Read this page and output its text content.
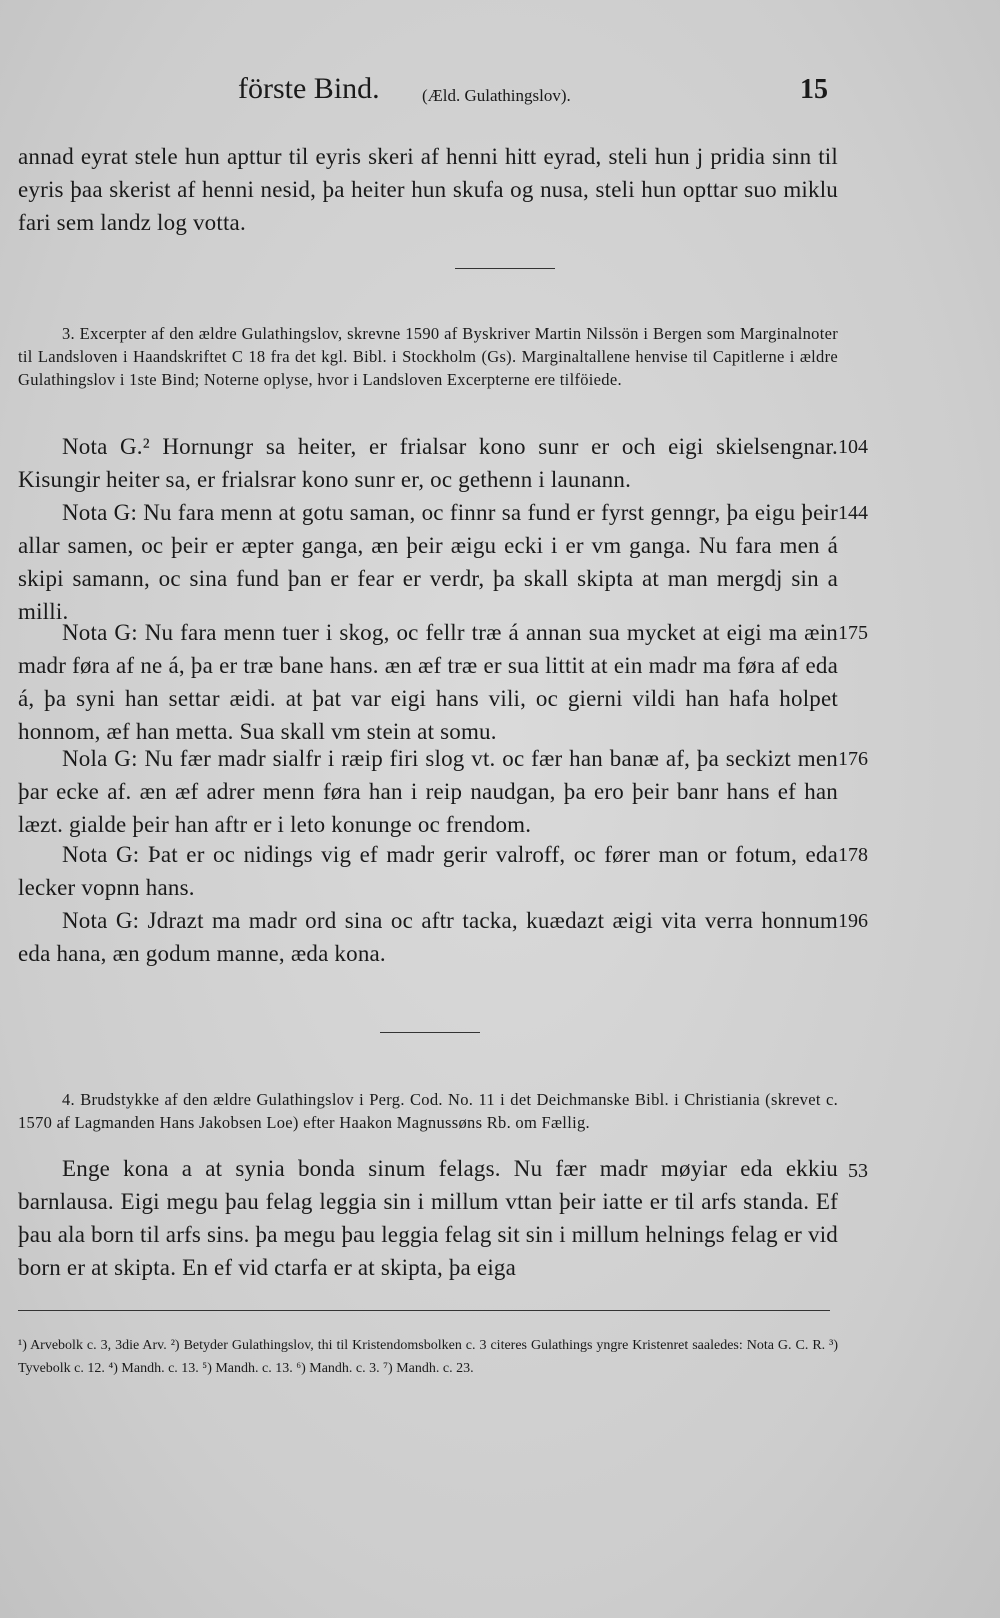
förste Bind. (Æld. Gulathingslov).	15

annad eyrat stele hun apttur til eyris skeri af henni hitt eyrad, steli hun j pridia sinn til eyris þaa skerist af henni nesid, þa heiter hun skufa og nusa, steli hun opttar suo miklu fari sem landz log votta.

3. Excerpter af den ældre Gulathingslov, skrevne 1590 af Byskriver Martin Nilssön i Bergen som Marginalnoter til Landsloven i Haandskriftet C 18 fra det kgl. Bibl. i Stockholm (Gs). Marginaltallene henvise til Capitlerne i ældre Gulathingslov i 1ste Bind; Noterne oplyse, hvor i Landsloven Excerpterne ere tilföiede.

Nota G.² Hornungr sa heiter, er frialsar kono sunr er och eigi skielsengnar. Kisungir heiter sa, er frialsrar kono sunr er, oc gethenn i launann.

104

Nota G: Nu fara menn at gotu saman, oc finnr sa fund er fyrst genngr, þa eigu þeir allar samen, oc þeir er æpter ganga, æn þeir æigu ecki i er vm ganga. Nu fara men á skipi samann, oc sina fund þan er fear er verdr, þa skall skipta at man mergdj sin a milli.

144

Nota G: Nu fara menn tuer i skog, oc fellr træ á annan sua mycket at eigi ma æin madr føra af ne á, þa er træ bane hans. æn æf træ er sua littit at ein madr ma føra af eda á, þa syni han settar æidi. at þat var eigi hans vili, oc gierni vildi han hafa holpet honnom, æf han metta. Sua skall vm stein at somu.

175

Nola G: Nu fær madr sialfr i ræip firi slog vt. oc fær han banæ af, þa seckizt men þar ecke af. æn æf adrer menn føra han i reip naudgan, þa ero þeir banr hans ef han læzt. gialde þeir han aftr er i leto konunge oc frendom.

176

Nota G: Þat er oc nidings vig ef madr gerir valroff, oc fører man or fotum, eda lecker vopnn hans.

178

Nota G: Jdrazt ma madr ord sina oc aftr tacka, kuædazt æigi vita verra honnum eda hana, æn godum manne, æda kona.

196

4. Brudstykke af den ældre Gulathingslov i Perg. Cod. No. 11 i det Deichmanske Bibl. i Christiania (skrevet c. 1570 af Lagmanden Hans Jakobsen Loe) efter Haakon Magnussøns Rb. om Fællig.

Enge kona a at synia bonda sinum felags. Nu fær madr møyiar eda ekkiu barnlausa. Eigi megu þau felag leggia sin i millum vttan þeir iatte er til arfs standa. Ef þau ala born til arfs sins. þa megu þau leggia felag sit sin i millum helnings felag er vid born er at skipta. En ef vid ctarfa er at skipta, þa eiga

53
¹) Arvebolk c. 3, 3die Arv. ²) Betyder Gulathingslov, thi til Kristendomsbolken c. 3 citeres Gulathings yngre Kristenret saaledes: Nota G. C. R. ³) Tyvebolk c. 12. ⁴) Mandh. c. 13. ⁵) Mandh. c. 13. ⁶) Mandh. c. 3. ⁷) Mandh. c. 23.
